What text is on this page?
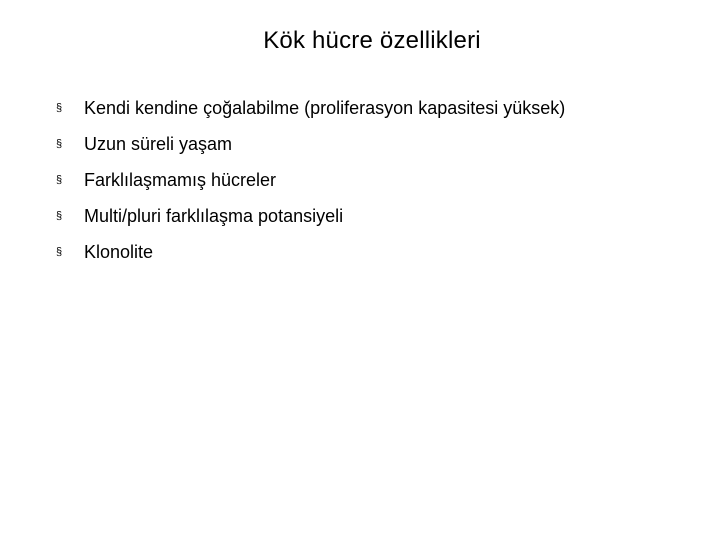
Kök hücre özellikleri
§	Kendi kendine çoğalabilme (proliferasyon kapasitesi yüksek)
§	Uzun süreli yaşam
§	Farklılaşmamış hücreler
§	Multi/pluri farklılaşma potansiyeli
§	Klonolite
